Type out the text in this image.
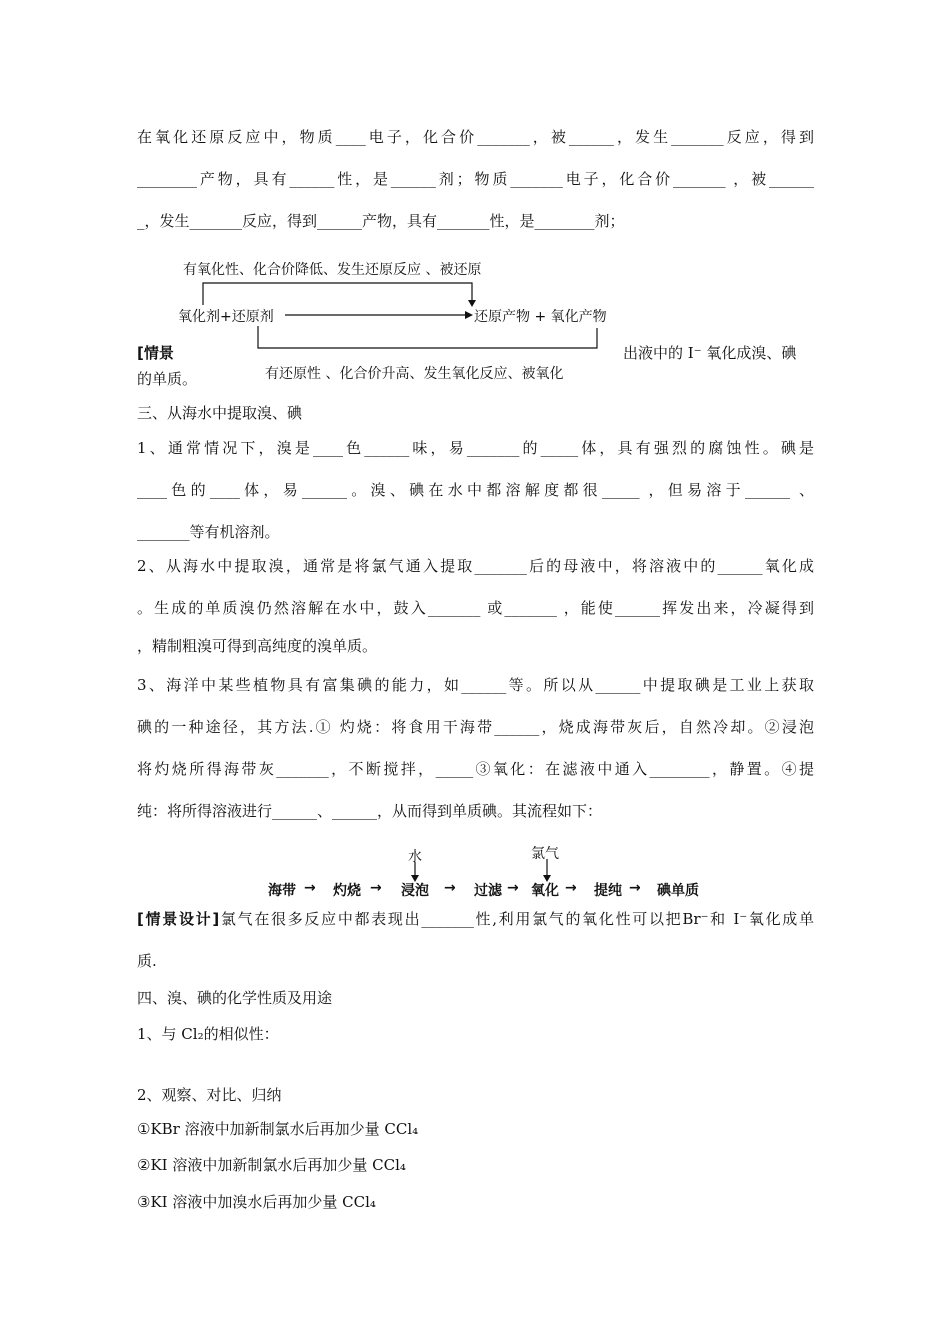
在氧化还原反应中，物质____电子，化合价_______，被______，发生_______反应，得到
________产物，具有______性，是______剂；物质_______电子，化合价_______ ，被______
_，发生_______反应，得到______产物，具有_______性，是________剂；
有氧化性、化合价降低、发生还原反应 、被还原
氧化剂+还原剂	还原产物 + 氧化产物
有还原性 、化合价升高、发生氧化反应、被氧化
[情景	出液中的 I⁻ 氧化成溴、碘
的单质。
三、从海水中提取溴、碘
1、通常情况下，溴是____色______味，易_______的_____体，具有强烈的腐蚀性。碘是
____色的____体，易______。溴、碘在水中都溶解度都很_____ ，但易溶于______ 、
_______等有机溶剂。
2、从海水中提取溴，通常是将氯气通入提取_______后的母液中，将溶液中的______氧化成
。生成的单质溴仍然溶解在水中，鼓入_______ 或_______ ，能使______挥发出来，冷凝得到
，精制粗溴可得到高纯度的溴单质。
3、海洋中某些植物具有富集碘的能力，如______等。所以从______中提取碘是工业上获取
碘的一种途径，其方法.① 灼烧：将食用干海带______，烧成海带灰后，自然冷却。②浸泡
将灼烧所得海带灰_______，不断搅拌，_____③氧化：在滤液中通入________，静置。④提
纯：将所得溶液进行______、______，从而得到单质碘。其流程如下：
水	氯气
海带 → 灼烧 → 浸泡 → 过滤 → 氧化 → 提纯 → 碘单质
[情景设计]氯气在很多反应中都表现出_______性,利用氯气的氧化性可以把Br⁻和 I⁻氧化成单
质.
四、溴、碘的化学性质及用途
1、与 Cl₂的相似性：
2、观察、对比、归纳
①KBr 溶液中加新制氯水后再加少量 CCl₄
②KI 溶液中加新制氯水后再加少量 CCl₄
③KI 溶液中加溴水后再加少量 CCl₄
